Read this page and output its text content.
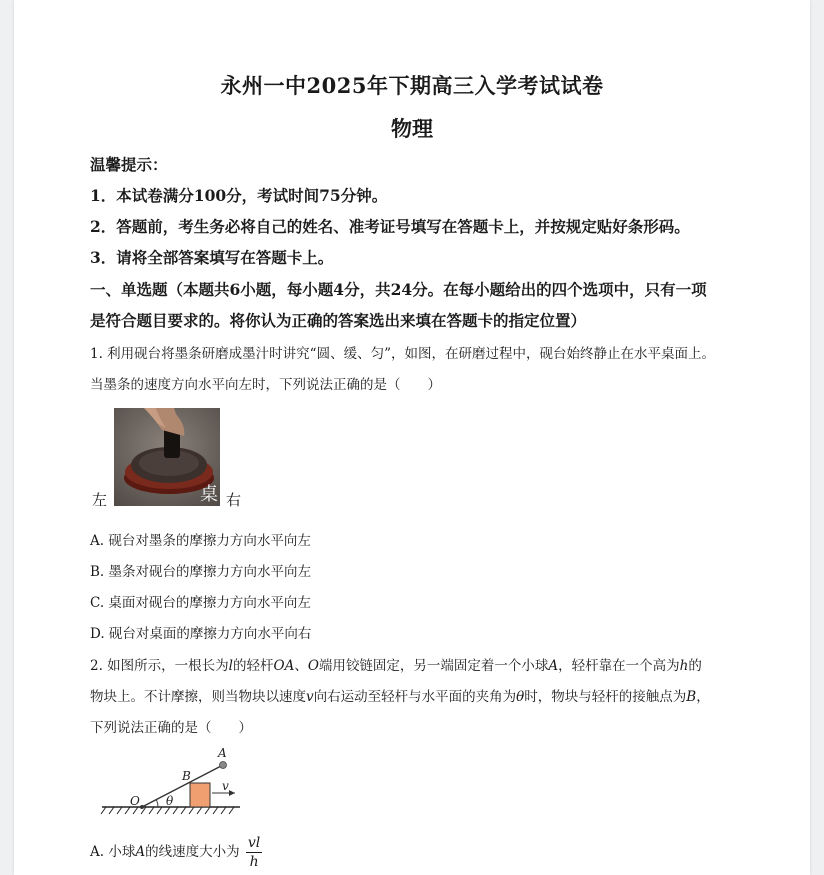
永州一中2025年下期高三入学考试试卷
物理
温馨提示：
1．本试卷满分100分，考试时间75分钟。
2．答题前，考生务必将自己的姓名、准考证号填写在答题卡上，并按规定贴好条形码。
3．请将全部答案填写在答题卡上。
一、单选题（本题共6小题，每小题4分，共24分。在每小题给出的四个选项中，只有一项
是符合题目要求的。将你认为正确的答案选出来填在答题卡的指定位置）
1. 利用砚台将墨条研磨成墨汁时讲究“圆、缓、匀”，如图，在研磨过程中，砚台始终静止在水平桌面上。
当墨条的速度方向水平向左时，下列说法正确的是（　　）
左	桌 右
A. 砚台对墨条的摩擦力方向水平向左
B. 墨条对砚台的摩擦力方向水平向左
C. 桌面对砚台的摩擦力方向水平向左
D. 砚台对桌面的摩擦力方向水平向右
2. 如图所示，一根长为l的轻杆OA、O端用铰链固定，另一端固定着一个小球A，轻杆靠在一个高为h的
物块上。不计摩擦，则当物块以速度v向右运动至轻杆与水平面的夹角为θ时，物块与轻杆的接触点为B，
下列说法正确的是（　　）
A
B
O θ
v
A. 小球A的线速度大小为 $\frac{vl}{h}$
